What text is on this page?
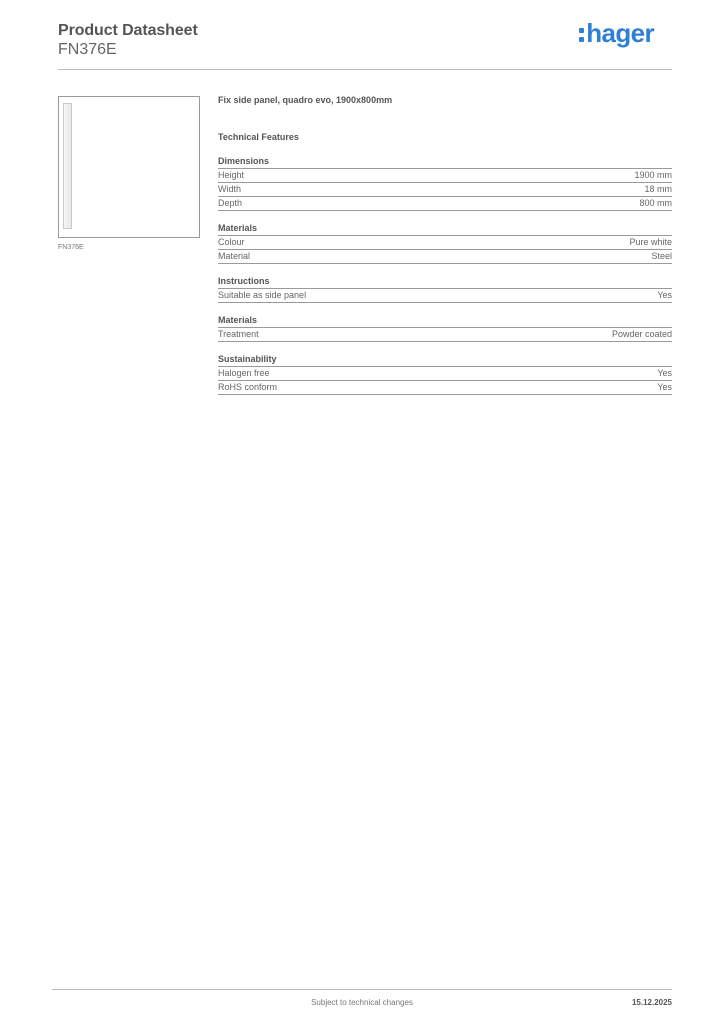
Product Datasheet
FN376E
hager
FN376E
Fix side panel, quadro evo, 1900x800mm
Technical Features
Dimensions
Height	1900 mm
Width	18 mm
Depth	800 mm
Materials
Colour	Pure white
Material	Steel
Instructions
Suitable as side panel	Yes
Materials
Treatment	Powder coated
Sustainability
Halogen free	Yes
RoHS conform	Yes
Subject to technical changes	15.12.2025
